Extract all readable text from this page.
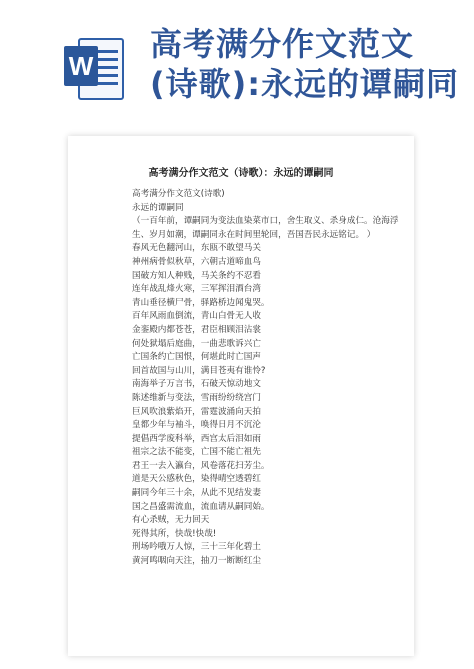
W
高考满分作文范文
(诗歌):永远的谭嗣同
高考满分作文范文（诗歌）：永远的谭嗣同

高考满分作文范文(诗歌)

永远的谭嗣同

（一百年前，谭嗣同为变法血染菜市口，舍生取义、杀身成仁。沧海浮生、岁月如潮，谭嗣同永在时间里轮回，吾国吾民永远铭记。 ）

春风无色翻河山，东瓯不敢望马关

神州病骨似秋草，六朝古道啼血鸟

国破方知人种贱，马关条约不忍看

连年战乱烽火寒，三军挥泪酒台湾

青山垂径横尸骨，驿路桥边闻鬼哭。

百年风雨血倒流，青山白骨无人收

金銮殿内都苍苍，君臣相顾泪沾裳

何处狱塌后庭曲，一曲悲歌诉兴亡

亡国条约亡国恨，何堪此时亡国声

回首故国与山川，满目苍夷有谁怜?

南海举子万言书，石破天惊动地文

陈述维新与变法，雪雨纷纷绕宫门

巨风吹浪紫焰开，雷霆波涌向天拍

皇都少年与袖斗，唤得日月不沉沦

提倡西学废科举，西宫太后泪如雨

祖宗之法不能变，亡国不能亡祖先

君王一去入瀛台，风卷落花扫芳尘。

道是天公感秋色，染得晴空透碧红

嗣同今年三十余，从此不见结发妻

国之昌盛需流血，流血请从嗣同始。

有心杀贼，无力回天

死得其所，快哉!快哉!

刑场吟哦万人惊，三十三年化碧土

黄河鸣咽向天注，抽刀一断断红尘
